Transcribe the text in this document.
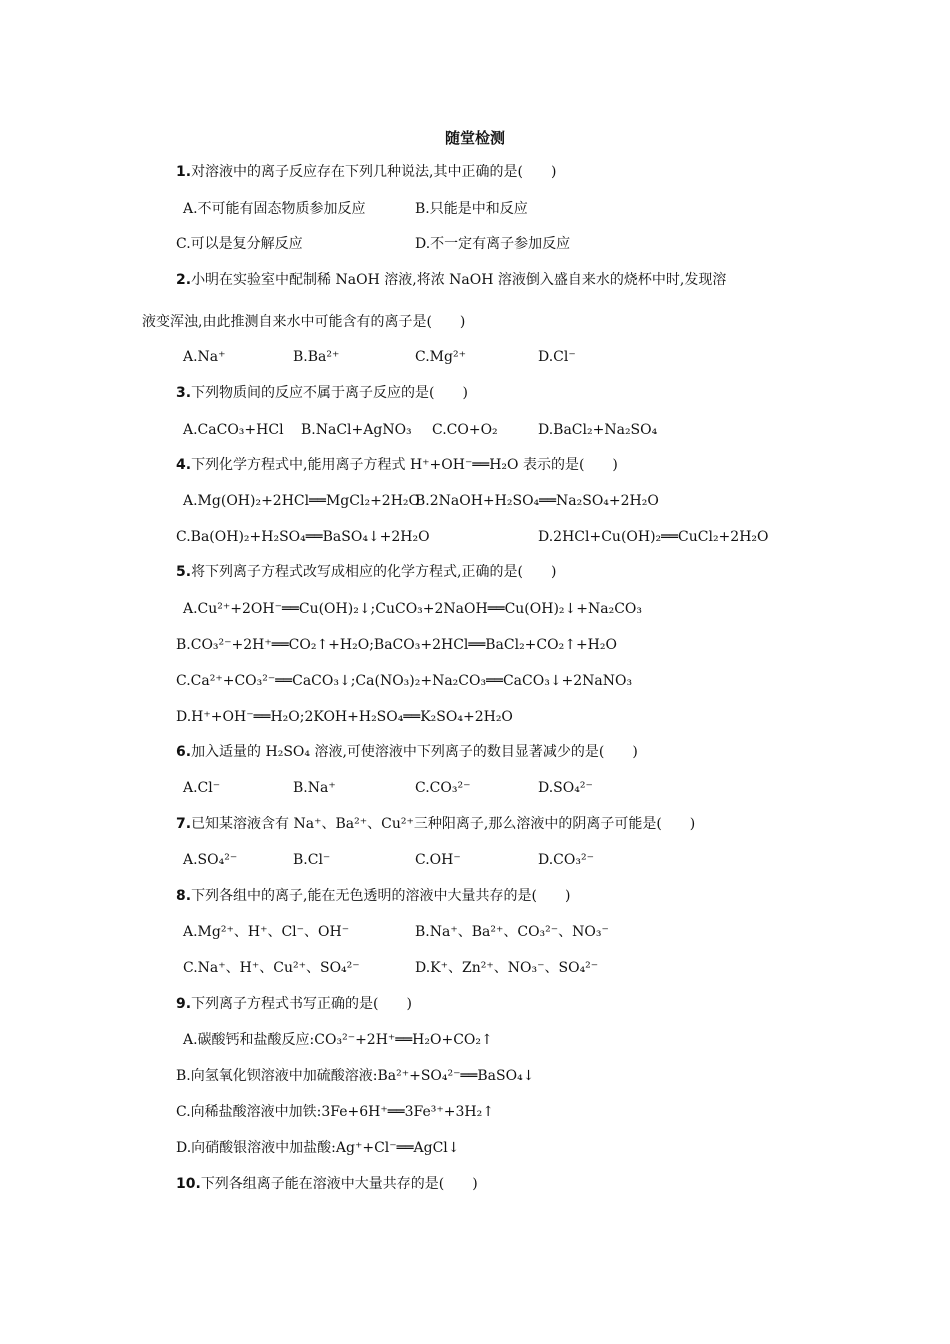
随堂检测
1.对溶液中的离子反应存在下列几种说法,其中正确的是(　　)
A.不可能有固态物质参加反应	B.只能是中和反应
C.可以是复分解反应	D.不一定有离子参加反应
2.小明在实验室中配制稀 NaOH 溶液,将浓 NaOH 溶液倒入盛自来水的烧杯中时,发现溶
液变浑浊,由此推测自来水中可能含有的离子是(　　)
A.Na⁺	B.Ba²⁺	C.Mg²⁺	D.Cl⁻
3.下列物质间的反应不属于离子反应的是(　　)
A.CaCO₃+HCl B.NaCl+AgNO₃ C.CO+O₂	D.BaCl₂+Na₂SO₄
4.下列化学方程式中,能用离子方程式 H⁺+OH⁻══H₂O 表示的是(　　)
A.Mg(OH)₂+2HCl══MgCl₂+2H₂O
B.2NaOH+H₂SO₄══Na₂SO₄+2H₂O
C.Ba(OH)₂+H₂SO₄══BaSO₄↓+2H₂O	D.2HCl+Cu(OH)₂══CuCl₂+2H₂O
5.将下列离子方程式改写成相应的化学方程式,正确的是(　　)
A.Cu²⁺+2OH⁻══Cu(OH)₂↓;CuCO₃+2NaOH══Cu(OH)₂↓+Na₂CO₃
B.CO₃²⁻+2H⁺══CO₂↑+H₂O;BaCO₃+2HCl══BaCl₂+CO₂↑+H₂O
C.Ca²⁺+CO₃²⁻══CaCO₃↓;Ca(NO₃)₂+Na₂CO₃══CaCO₃↓+2NaNO₃
D.H⁺+OH⁻══H₂O;2KOH+H₂SO₄══K₂SO₄+2H₂O
6.加入适量的 H₂SO₄ 溶液,可使溶液中下列离子的数目显著减少的是(　　)
A.Cl⁻	B.Na⁺	C.CO₃²⁻	D.SO₄²⁻
7.已知某溶液含有 Na⁺、Ba²⁺、Cu²⁺三种阳离子,那么溶液中的阴离子可能是(　　)
A.SO₄²⁻	B.Cl⁻	C.OH⁻	D.CO₃²⁻
8.下列各组中的离子,能在无色透明的溶液中大量共存的是(　　)
A.Mg²⁺、H⁺、Cl⁻、OH⁻	B.Na⁺、Ba²⁺、CO₃²⁻、NO₃⁻
C.Na⁺、H⁺、Cu²⁺、SO₄²⁻	D.K⁺、Zn²⁺、NO₃⁻、SO₄²⁻
9.下列离子方程式书写正确的是(　　)
A.碳酸钙和盐酸反应:CO₃²⁻+2H⁺══H₂O+CO₂↑
B.向氢氧化钡溶液中加硫酸溶液:Ba²⁺+SO₄²⁻══BaSO₄↓
C.向稀盐酸溶液中加铁:3Fe+6H⁺══3Fe³⁺+3H₂↑
D.向硝酸银溶液中加盐酸:Ag⁺+Cl⁻══AgCl↓
10.下列各组离子能在溶液中大量共存的是(　　)
